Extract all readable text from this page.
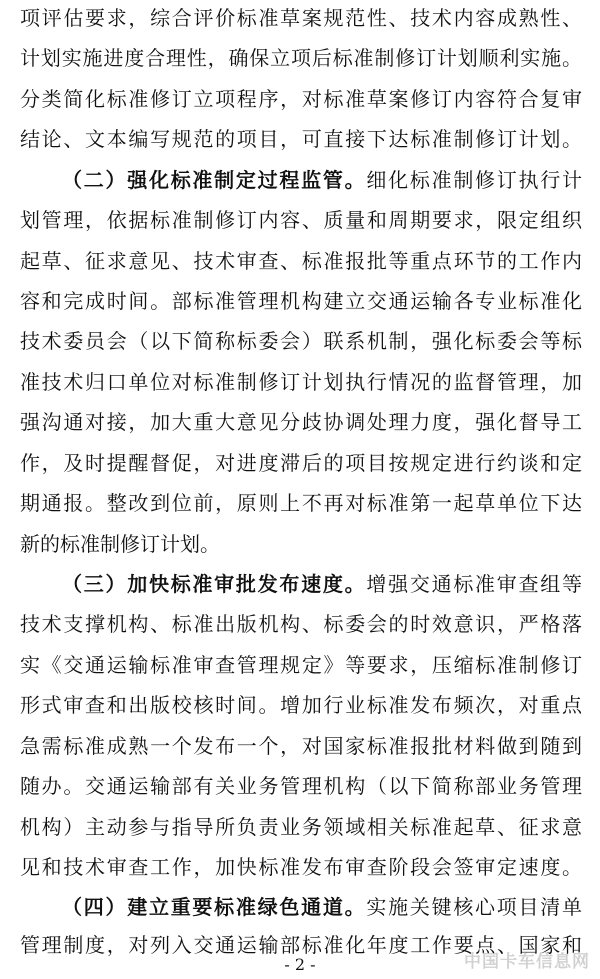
项评估要求，综合评价标准草案规范性、技术内容成熟性、
计划实施进度合理性，确保立项后标准制修订计划顺利实施。
分类简化标准修订立项程序，对标准草案修订内容符合复审
结论、文本编写规范的项目，可直接下达标准制修订计划。
（二）强化标准制定过程监管。细化标准制修订执行计
划管理，依据标准制修订内容、质量和周期要求，限定组织
起草、征求意见、技术审查、标准报批等重点环节的工作内
容和完成时间。部标准管理机构建立交通运输各专业标准化
技术委员会（以下简称标委会）联系机制，强化标委会等标
准技术归口单位对标准制修订计划执行情况的监督管理，加
强沟通对接，加大重大意见分歧协调处理力度，强化督导工
作，及时提醒督促，对进度滞后的项目按规定进行约谈和定
期通报。整改到位前，原则上不再对标准第一起草单位下达
新的标准制修订计划。
（三）加快标准审批发布速度。增强交通标准审查组等
技术支撑机构、标准出版机构、标委会的时效意识，严格落
实《交通运输标准审查管理规定》等要求，压缩标准制修订
形式审查和出版校核时间。增加行业标准发布频次，对重点
急需标准成熟一个发布一个，对国家标准报批材料做到随到
随办。交通运输部有关业务管理机构（以下简称部业务管理
机构）主动参与指导所负责业务领域相关标准起草、征求意
见和技术审查工作，加快标准发布审查阶段会签审定速度。
（四）建立重要标准绿色通道。实施关键核心项目清单
管理制度，对列入交通运输部标准化年度工作要点、国家和
- 2 -	中国卡车信息网
